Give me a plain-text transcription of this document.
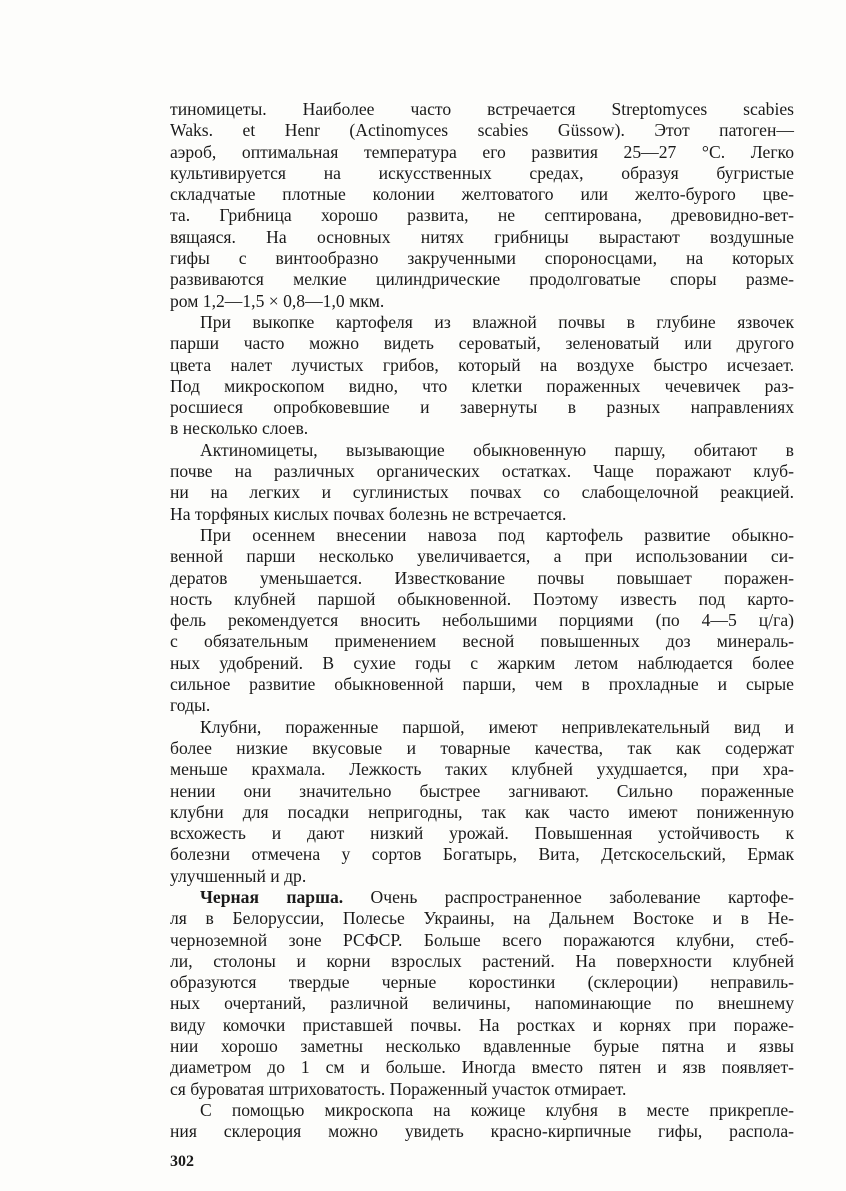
тиномицеты. Наиболее часто встречается Streptomyces scabies
Waks. et Henr (Actinomyces scabies Güssow). Этот патоген—
аэроб, оптимальная температура его развития 25—27 °С. Легко
культивируется на искусственных средах, образуя бугристые
складчатые плотные колонии желтоватого или желто-бурого цве-
та. Грибница хорошо развита, не септирована, древовидно-вет-
вящаяся. На основных нитях грибницы вырастают воздушные
гифы с винтообразно закрученными спороносцами, на которых
развиваются мелкие цилиндрические продолговатые споры разме-
ром 1,2—1,5 × 0,8—1,0 мкм.
При выкопке картофеля из влажной почвы в глубине язвочек
парши часто можно видеть сероватый, зеленоватый или другого
цвета налет лучистых грибов, который на воздухе быстро исчезает.
Под микроскопом видно, что клетки пораженных чечевичек раз-
росшиеся опробковевшие и завернуты в разных направлениях
в несколько слоев.
Актиномицеты, вызывающие обыкновенную паршу, обитают в
почве на различных органических остатках. Чаще поражают клуб-
ни на легких и суглинистых почвах со слабощелочной реакцией.
На торфяных кислых почвах болезнь не встречается.
При осеннем внесении навоза под картофель развитие обыкно-
венной парши несколько увеличивается, а при использовании си-
дератов уменьшается. Известкование почвы повышает поражен-
ность клубней паршой обыкновенной. Поэтому известь под карто-
фель рекомендуется вносить небольшими порциями (по 4—5 ц/га)
с обязательным применением весной повышенных доз минераль-
ных удобрений. В сухие годы с жарким летом наблюдается более
сильное развитие обыкновенной парши, чем в прохладные и сырые
годы.
Клубни, пораженные паршой, имеют непривлекательный вид и
более низкие вкусовые и товарные качества, так как содержат
меньше крахмала. Лежкость таких клубней ухудшается, при хра-
нении они значительно быстрее загнивают. Сильно пораженные
клубни для посадки непригодны, так как часто имеют пониженную
всхожесть и дают низкий урожай. Повышенная устойчивость к
болезни отмечена у сортов Богатырь, Вита, Детскосельский, Ермак
улучшенный и др.
Черная парша. Очень распространенное заболевание картофе-
ля в Белоруссии, Полесье Украины, на Дальнем Востоке и в Не-
черноземной зоне РСФСР. Больше всего поражаются клубни, стеб-
ли, столоны и корни взрослых растений. На поверхности клубней
образуются твердые черные коростинки (склероции) неправиль-
ных очертаний, различной величины, напоминающие по внешнему
виду комочки приставшей почвы. На ростках и корнях при пораже-
нии хорошо заметны несколько вдавленные бурые пятна и язвы
диаметром до 1 см и больше. Иногда вместо пятен и язв появляет-
ся буроватая штриховатость. Пораженный участок отмирает.
С помощью микроскопа на кожице клубня в месте прикрепле-
ния склероция можно увидеть красно-кирпичные гифы, распола-
302
